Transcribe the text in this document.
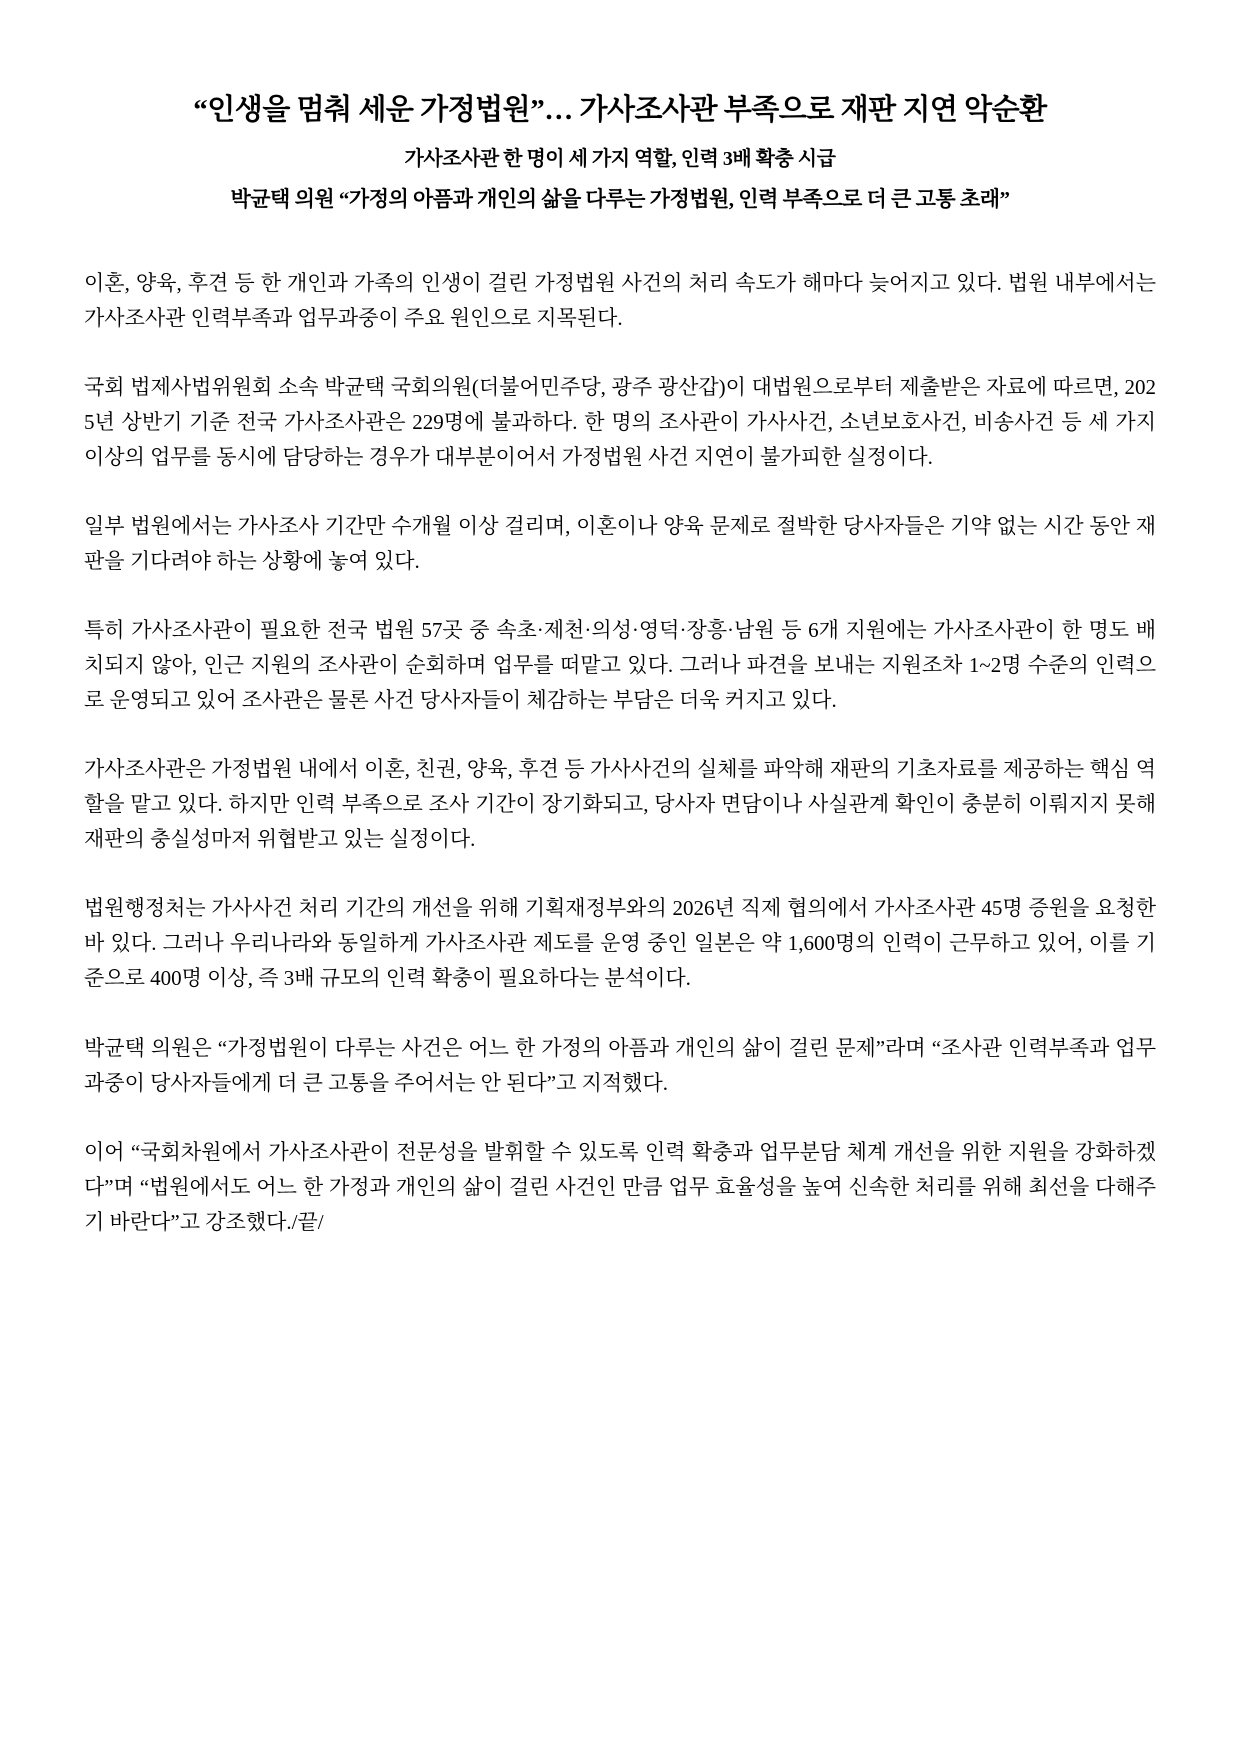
“인생을 멈춰 세운 가정법원”… 가사조사관 부족으로 재판 지연 악순환
가사조사관 한 명이 세 가지 역할, 인력 3배 확충 시급
박균택 의원 “가정의 아픔과 개인의 삶을 다루는 가정법원, 인력 부족으로 더 큰 고통 초래”

이혼, 양육, 후견 등 한 개인과 가족의 인생이 걸린 가정법원 사건의 처리 속도가 해마다 늦어지고 있다. 법원 내부에서는 가사조사관 인력부족과 업무과중이 주요 원인으로 지목된다.

국회 법제사법위원회 소속 박균택 국회의원(더불어민주당, 광주 광산갑)이 대법원으로부터 제출받은 자료에 따르면, 2025년 상반기 기준 전국 가사조사관은 229명에 불과하다. 한 명의 조사관이 가사사건, 소년보호사건, 비송사건 등 세 가지 이상의 업무를 동시에 담당하는 경우가 대부분이어서 가정법원 사건 지연이 불가피한 실정이다.

일부 법원에서는 가사조사 기간만 수개월 이상 걸리며, 이혼이나 양육 문제로 절박한 당사자들은 기약 없는 시간 동안 재판을 기다려야 하는 상황에 놓여 있다.

특히 가사조사관이 필요한 전국 법원 57곳 중 속초·제천·의성·영덕·장흥·남원 등 6개 지원에는 가사조사관이 한 명도 배치되지 않아, 인근 지원의 조사관이 순회하며 업무를 떠맡고 있다. 그러나 파견을 보내는 지원조차 1~2명 수준의 인력으로 운영되고 있어 조사관은 물론 사건 당사자들이 체감하는 부담은 더욱 커지고 있다.

가사조사관은 가정법원 내에서 이혼, 친권, 양육, 후견 등 가사사건의 실체를 파악해 재판의 기초자료를 제공하는 핵심 역할을 맡고 있다. 하지만 인력 부족으로 조사 기간이 장기화되고, 당사자 면담이나 사실관계 확인이 충분히 이뤄지지 못해 재판의 충실성마저 위협받고 있는 실정이다.

법원행정처는 가사사건 처리 기간의 개선을 위해 기획재정부와의 2026년 직제 협의에서 가사조사관 45명 증원을 요청한 바 있다. 그러나 우리나라와 동일하게 가사조사관 제도를 운영 중인 일본은 약 1,600명의 인력이 근무하고 있어, 이를 기준으로 400명 이상, 즉 3배 규모의 인력 확충이 필요하다는 분석이다.

박균택 의원은 “가정법원이 다루는 사건은 어느 한 가정의 아픔과 개인의 삶이 걸린 문제”라며 “조사관 인력부족과 업무과중이 당사자들에게 더 큰 고통을 주어서는 안 된다”고 지적했다.

이어 “국회차원에서 가사조사관이 전문성을 발휘할 수 있도록 인력 확충과 업무분담 체계 개선을 위한 지원을 강화하겠다”며 “법원에서도 어느 한 가정과 개인의 삶이 걸린 사건인 만큼 업무 효율성을 높여 신속한 처리를 위해 최선을 다해주기 바란다”고 강조했다./끝/
